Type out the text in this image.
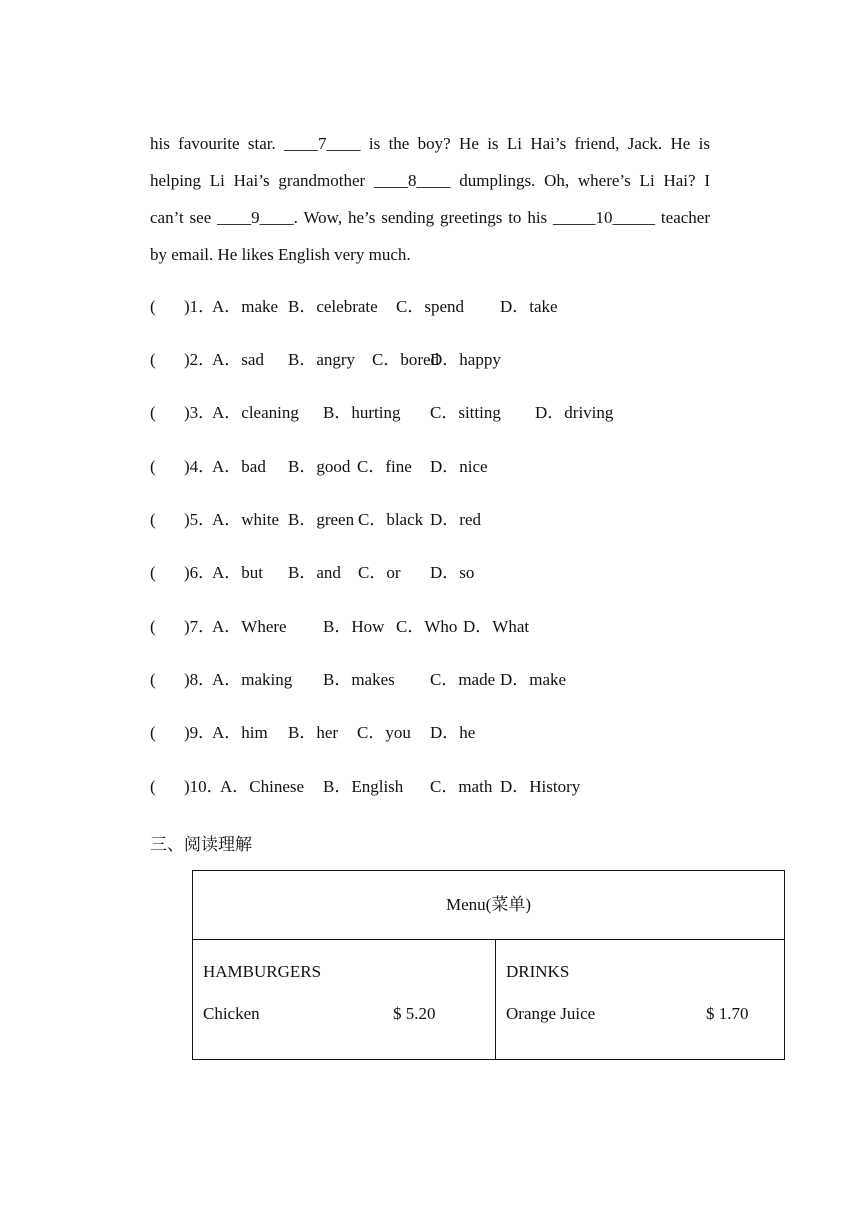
his favourite star. ____7____ is the boy? He is Li Hai’s friend, Jack. He is
helping Li Hai’s grandmother ____8____ dumplings. Oh, where’s Li Hai? I
can’t see ____9____. Wow, he’s sending greetings to his _____10_____ teacher
by email. He likes English very much.
( )1．
A．make B．celebrate C．spend D．take
( )2．
A．sad B．angry C．bored
D．happy
( )3．
A．cleaning B．hurting C．sitting D．driving
( )4．
A．bad B．good C．fine D．nice
( )5．
A．white B．green C．black D．red
( )6．
A．but B．and C．or D．so
( )7．
A．Where B．How C．Who D．What
( )8．
A．making B．makes C．made D．make
( )9．
A．him B．her C．you D．he
( )10．
A．Chinese B．English C．math D．History
三、阅读理解
Menu(菜单)

HAMBURGERS
Chicken	$ 5.20

DRINKS
Orange Juice	$ 1.70
